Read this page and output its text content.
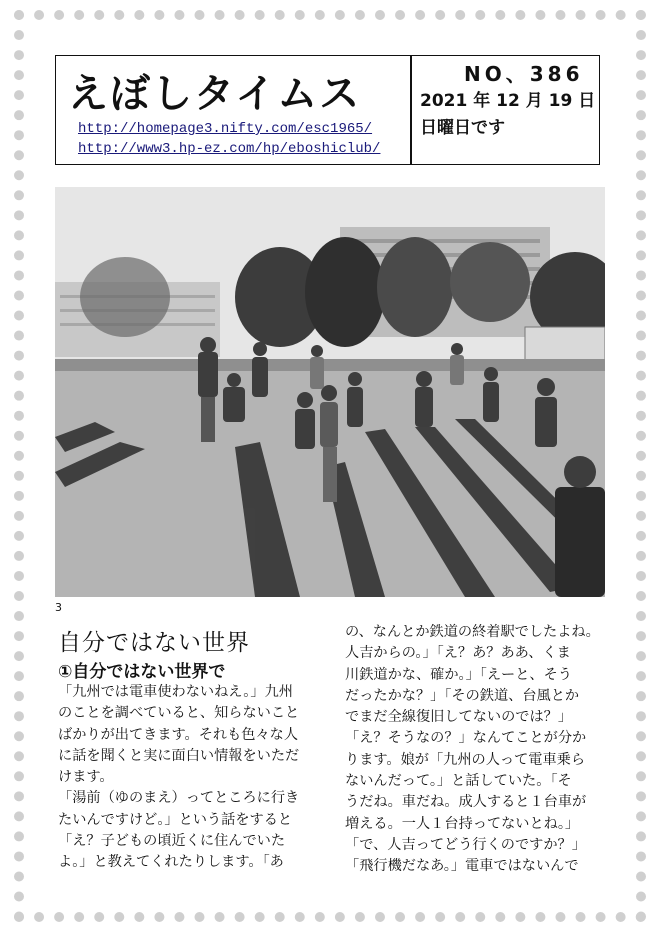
えぼしタイムス
http://homepage3.nifty.com/esc1965/
http://www3.hp-ez.com/hp/eboshiclub/
NO、386
2021 年 12 月 19 日
日曜日です
3
自分ではない世界
①自分ではない世界で
「九州では電車使わないねえ。」九州
のことを調べていると、知らないこと
ばかりが出てきます。それも色々な人
に話を聞くと実に面白い情報をいただ
けます。
「湯前（ゆのまえ）ってところに行き
たいんですけど。」という話をすると
「え？子どもの頃近くに住んでいた
よ。」と教えてくれたりします。「あ
の、なんとか鉄道の終着駅でしたよね。
人吉からの。」「え？あ？ああ、くま
川鉄道かな、確か。」「えーと、そう
だったかな？」「その鉄道、台風とか
でまだ全線復旧してないのでは？」
「え？そうなの？」なんてことが分か
ります。娘が「九州の人って電車乗ら
ないんだって。」と話していた。「そ
うだね。車だね。成人すると１台車が
増える。一人１台持ってないとね。」
「で、人吉ってどう行くのですか？」
「飛行機だなあ。」電車ではないんで
